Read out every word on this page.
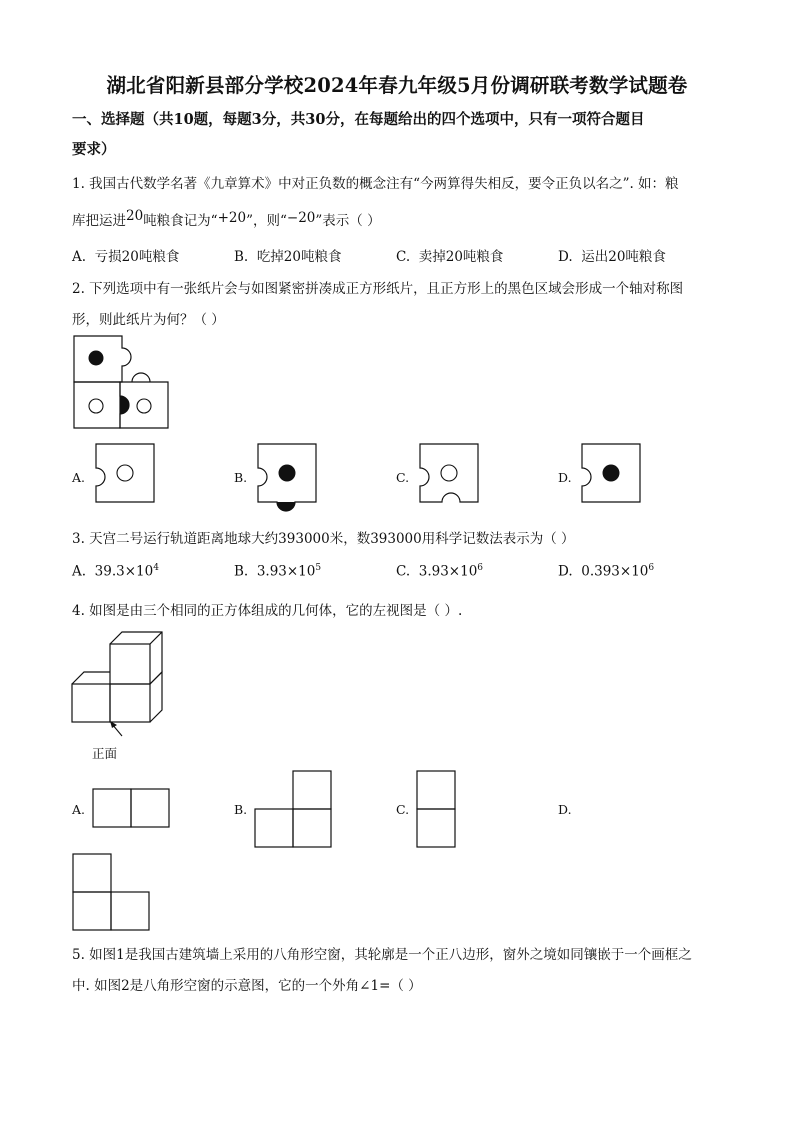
湖北省阳新县部分学校2024年春九年级5月份调研联考数学试题卷
一、选择题（共10题，每题3分，共30分，在每题给出的四个选项中，只有一项符合题目
要求）
1. 我国古代数学名著《九章算术》中对正负数的概念注有“今两算得失相反，要令正负以名之”. 如：粮
库把运进20吨粮食记为“+20”，则“−20”表示（ ）
A. 亏损20吨粮食	B. 吃掉20吨粮食	C. 卖掉20吨粮食	D. 运出20吨粮食
2. 下列选项中有一张纸片会与如图紧密拼凑成正方形纸片，且正方形上的黑色区域会形成一个轴对称图
形，则此纸片为何？（ ）
A.	B.	C.	D.
3. 天宫二号运行轨道距离地球大约393000米，数393000用科学记数法表示为（ ）
A. $39.3\times 10^4$	B. $3.93\times 10^5$	C. $3.93\times 10^6$	D. $0.393\times 10^6$
4. 如图是由三个相同的正方体组成的几何体，它的左视图是（ ）.
正面
A.	B.	C.	D.
5. 如图1是我国古建筑墙上采用的八角形空窗，其轮廓是一个正八边形，窗外之境如同镶嵌于一个画框之
中. 如图2是八角形空窗的示意图，它的一个外角∠1=（ ）
